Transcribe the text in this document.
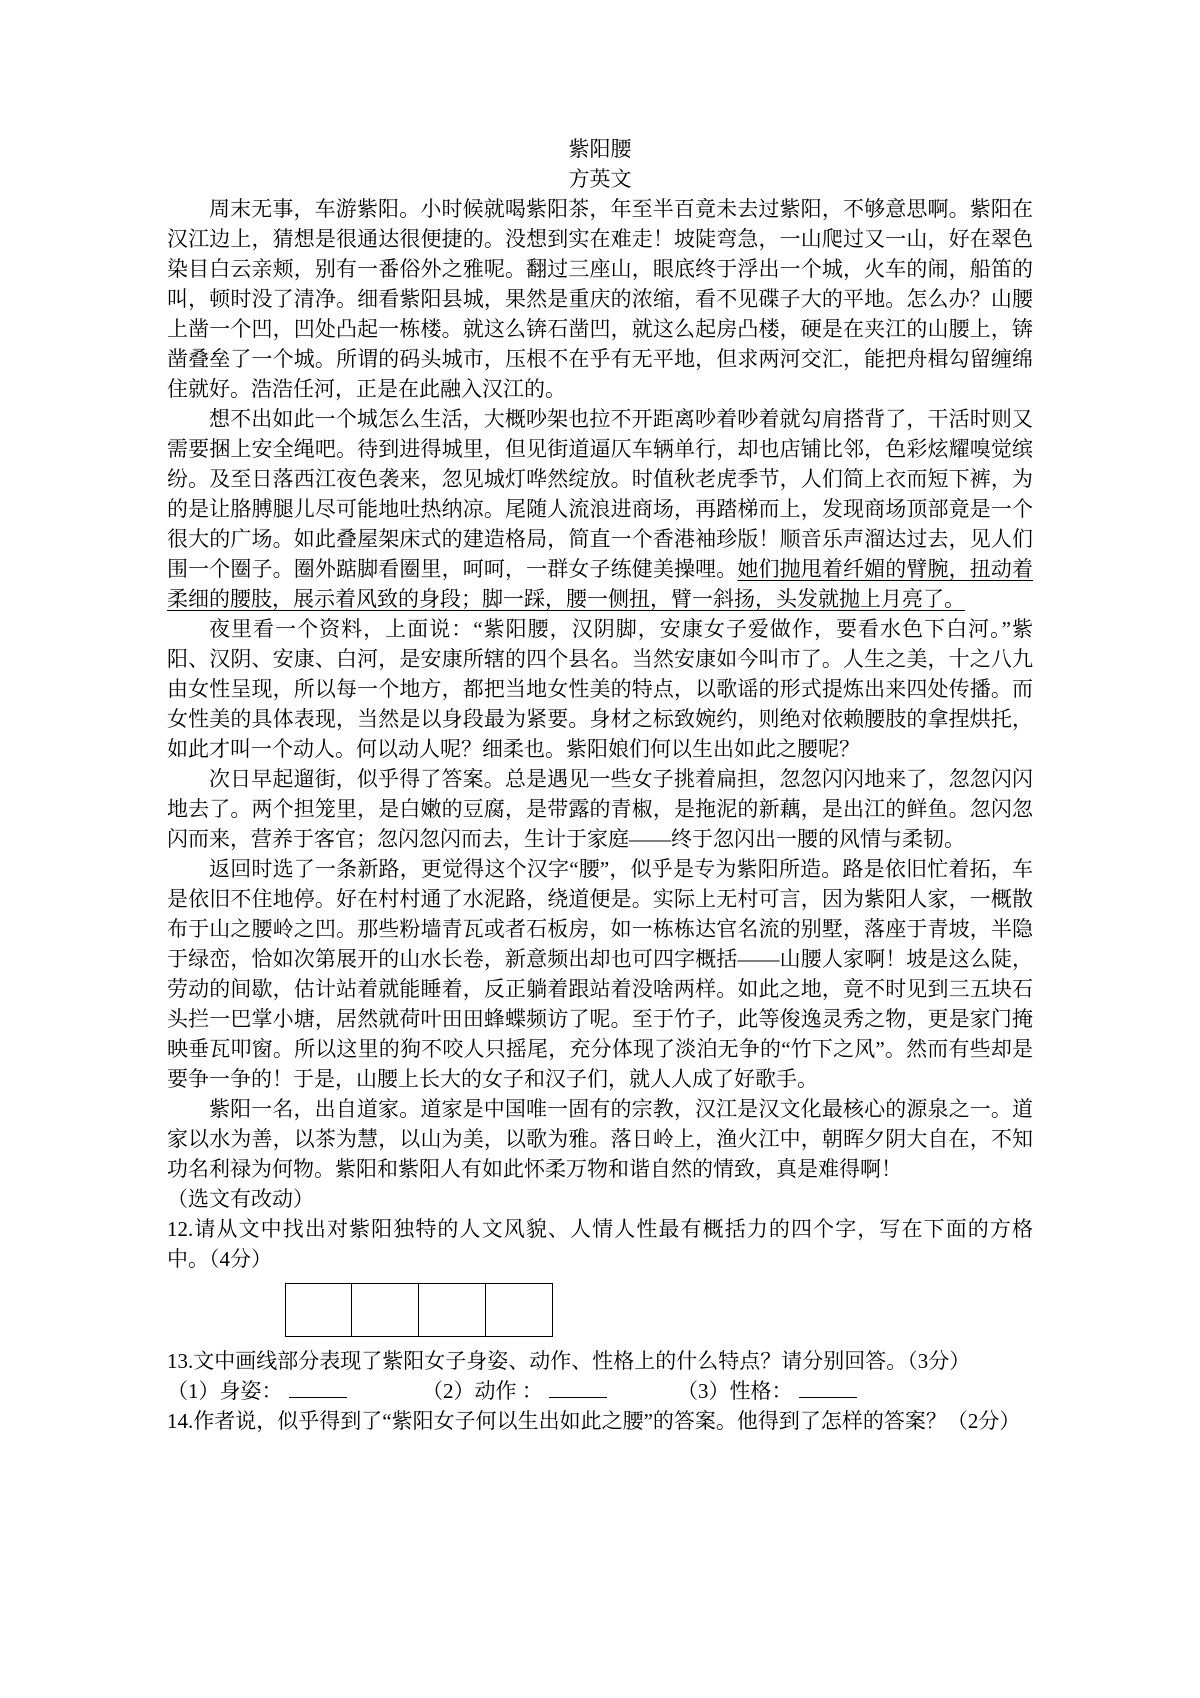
紫阳腰

方英文

周末无事，车游紫阳。小时候就喝紫阳茶，年至半百竟未去过紫阳，不够意思啊。紫阳在汉江边上，猜想是很通达很便捷的。没想到实在难走！坡陡弯急，一山爬过又一山，好在翠色染目白云亲颊，别有一番俗外之雅呢。翻过三座山，眼底终于浮出一个城，火车的闹，船笛的叫，顿时没了清净。细看紫阳县城，果然是重庆的浓缩，看不见碟子大的平地。怎么办？山腰上凿一个凹，凹处凸起一栋楼。就这么锛石凿凹，就这么起房凸楼，硬是在夹江的山腰上，锛凿叠垒了一个城。所谓的码头城市，压根不在乎有无平地，但求两河交汇，能把舟楫勾留缠绵住就好。浩浩任河，正是在此融入汉江的。

想不出如此一个城怎么生活，大概吵架也拉不开距离吵着吵着就勾肩搭背了，干活时则又需要捆上安全绳吧。待到进得城里，但见街道逼仄车辆单行，却也店铺比邻，色彩炫耀嗅觉缤纷。及至日落西江夜色袭来，忽见城灯哗然绽放。时值秋老虎季节，人们简上衣而短下裤，为的是让胳膊腿儿尽可能地吐热纳凉。尾随人流浪进商场，再踏梯而上，发现商场顶部竟是一个很大的广场。如此叠屋架床式的建造格局，简直一个香港袖珍版！顺音乐声溜达过去，见人们围一个圈子。圈外踮脚看圈里，呵呵，一群女子练健美操哩。她们抛甩着纤媚的臂腕，扭动着柔细的腰肢，展示着风致的身段；脚一踩，腰一侧扭，臂一斜扬，头发就抛上月亮了。

夜里看一个资料，上面说：“紫阳腰，汉阴脚，安康女子爱做作，要看水色下白河。”紫阳、汉阴、安康、白河，是安康所辖的四个县名。当然安康如今叫市了。人生之美，十之八九由女性呈现，所以每一个地方，都把当地女性美的特点，以歌谣的形式提炼出来四处传播。而女性美的具体表现，当然是以身段最为紧要。身材之标致婉约，则绝对依赖腰肢的拿捏烘托，如此才叫一个动人。何以动人呢？细柔也。紫阳娘们何以生出如此之腰呢？

次日早起遛街，似乎得了答案。总是遇见一些女子挑着扁担，忽忽闪闪地来了，忽忽闪闪地去了。两个担笼里，是白嫩的豆腐，是带露的青椒，是拖泥的新藕，是出江的鲜鱼。忽闪忽闪而来，营养于客官；忽闪忽闪而去，生计于家庭——终于忽闪出一腰的风情与柔韧。

返回时选了一条新路，更觉得这个汉字“腰”，似乎是专为紫阳所造。路是依旧忙着拓，车是依旧不住地停。好在村村通了水泥路，绕道便是。实际上无村可言，因为紫阳人家，一概散布于山之腰岭之凹。那些粉墙青瓦或者石板房，如一栋栋达官名流的别墅，落座于青坡，半隐于绿峦，恰如次第展开的山水长卷，新意频出却也可四字概括——山腰人家啊！坡是这么陡，劳动的间歇，估计站着就能睡着，反正躺着跟站着没啥两样。如此之地，竟不时见到三五块石头拦一巴掌小塘，居然就荷叶田田蜂蝶频访了呢。至于竹子，此等俊逸灵秀之物，更是家门掩映垂瓦叩窗。所以这里的狗不咬人只摇尾，充分体现了淡泊无争的“竹下之风”。然而有些却是要争一争的！于是，山腰上长大的女子和汉子们，就人人成了好歌手。

紫阳一名，出自道家。道家是中国唯一固有的宗教，汉江是汉文化最核心的源泉之一。道家以水为善，以茶为慧，以山为美，以歌为雅。落日岭上，渔火江中，朝晖夕阴大自在，不知功名利禄为何物。紫阳和紫阳人有如此怀柔万物和谐自然的情致，真是难得啊！

（选文有改动）

12.请从文中找出对紫阳独特的人文风貌、人情人性最有概括力的四个字，写在下面的方格中。（4分）

13.文中画线部分表现了紫阳女子身姿、动作、性格上的什么特点？请分别回答。（3分）

（1）身姿：	（2）动作 ：	（3）性格：

14.作者说，似乎得到了“紫阳女子何以生出如此之腰”的答案。他得到了怎样的答案？（2分）
